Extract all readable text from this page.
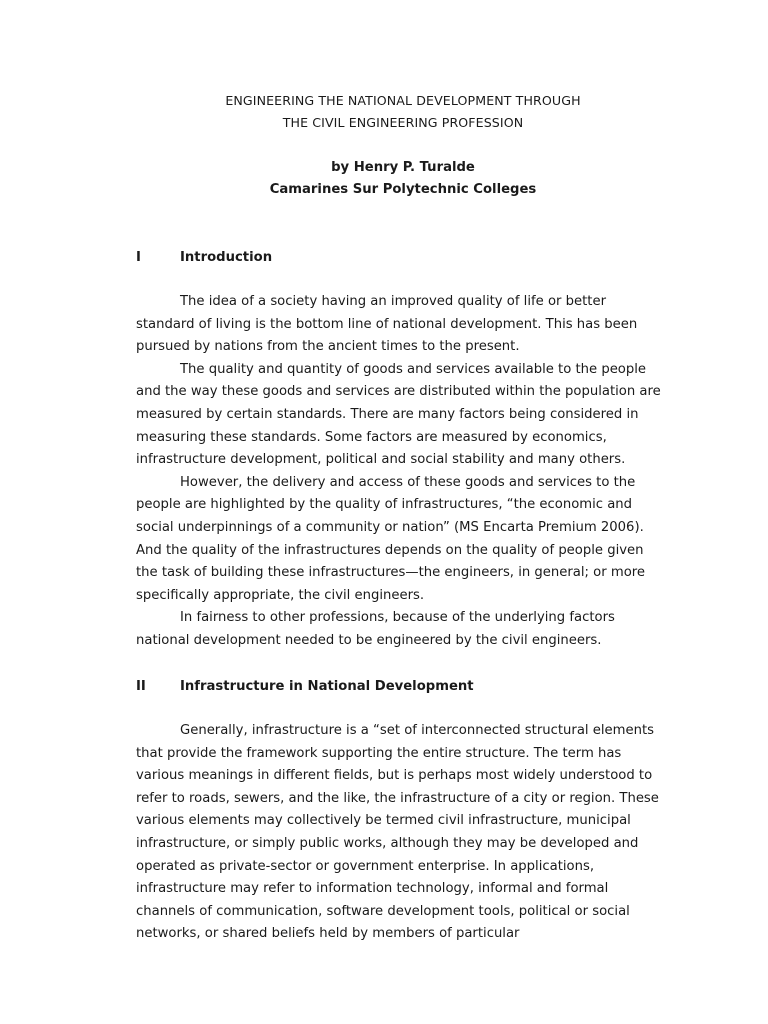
ENGINEERING THE NATIONAL DEVELOPMENT THROUGH
THE CIVIL ENGINEERING PROFESSION
by Henry P. Turalde
Camarines Sur Polytechnic Colleges
I	Introduction

The idea of a society having an improved quality of life or better standard of living is the bottom line of national development. This has been pursued by nations from the ancient times to the present.

The quality and quantity of goods and services available to the people and the way these goods and services are distributed within the population are measured by certain standards. There are many factors being considered in measuring these standards. Some factors are measured by economics, infrastructure development, political and social stability and many others.

However, the delivery and access of these goods and services to the people are highlighted by the quality of infrastructures, “the economic and social underpinnings of a community or nation” (MS Encarta Premium 2006). And the quality of the infrastructures depends on the quality of people given the task of building these infrastructures—the engineers, in general; or more specifically appropriate, the civil engineers.

In fairness to other professions, because of the underlying factors national development needed to be engineered by the civil engineers.

II	Infrastructure in National Development

Generally, infrastructure is a “set of interconnected structural elements that provide the framework supporting the entire structure. The term has various meanings in different fields, but is perhaps most widely understood to refer to roads, sewers, and the like, the infrastructure of a city or region. These various elements may collectively be termed civil infrastructure, municipal infrastructure, or simply public works, although they may be developed and operated as private-sector or government enterprise. In applications, infrastructure may refer to information technology, informal and formal channels of communication, software development tools, political or social networks, or shared beliefs held by members of particular
